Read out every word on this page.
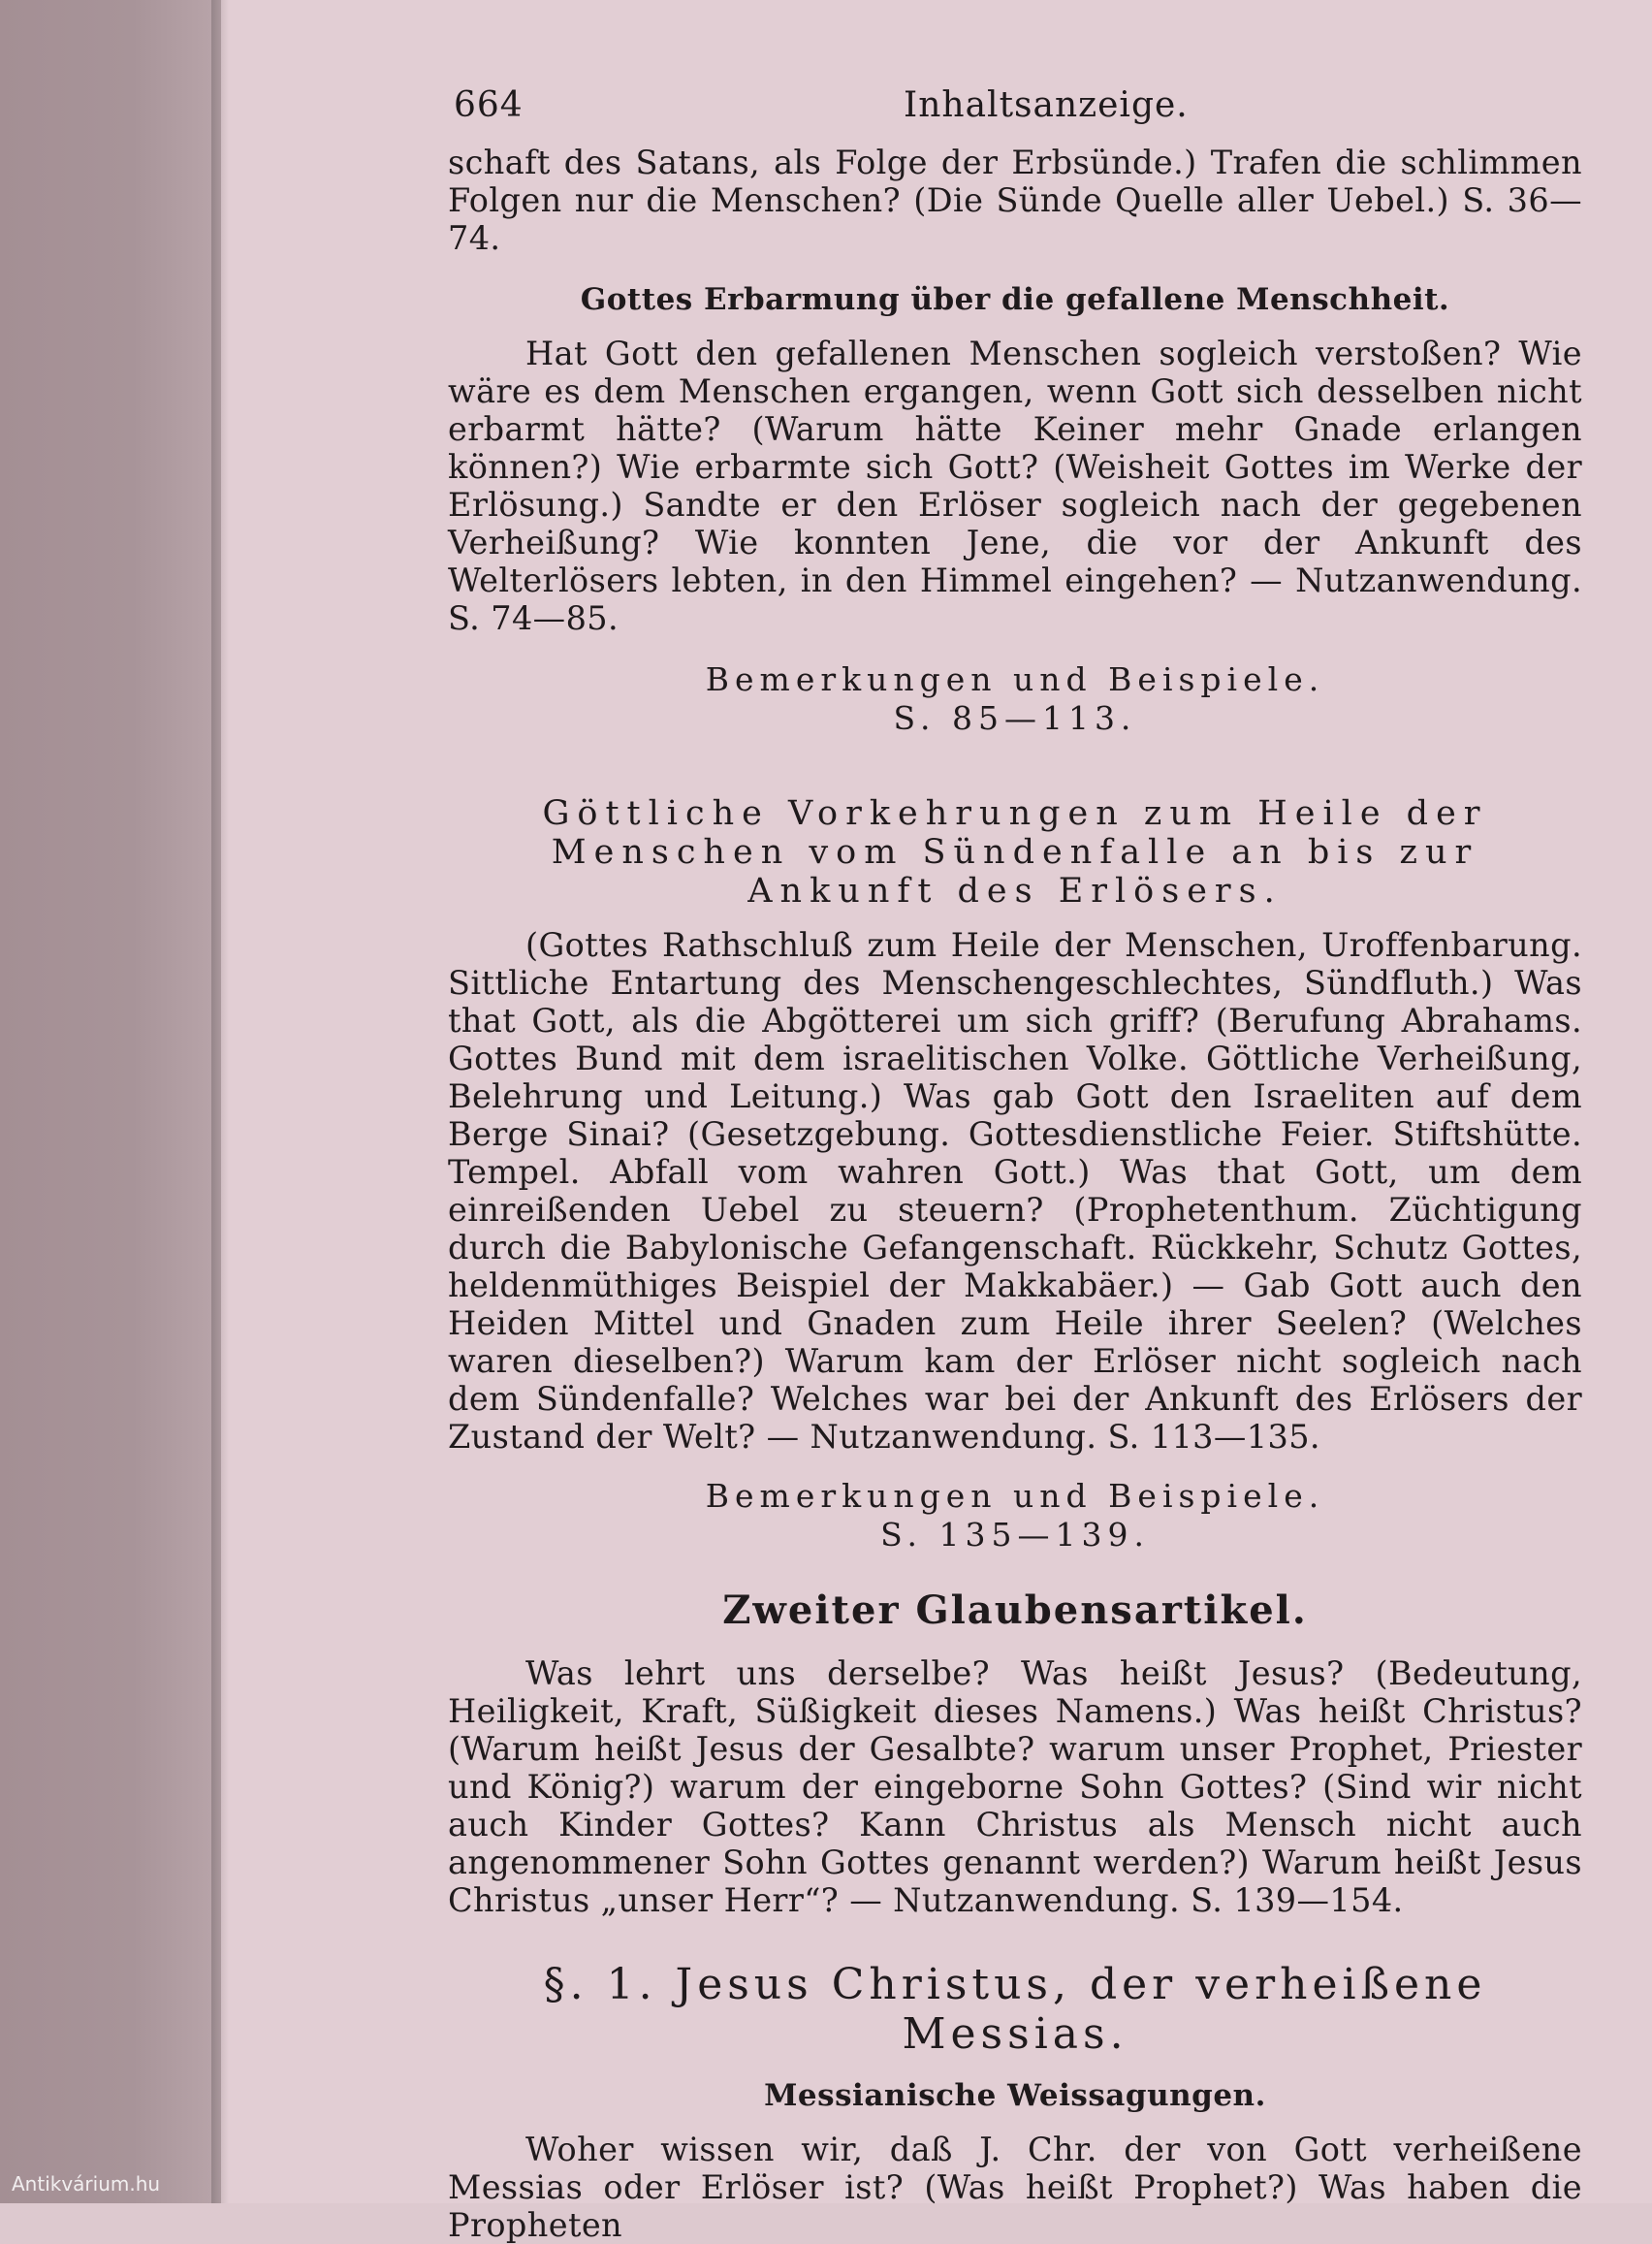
664	Inhaltsanzeige.

schaft des Satans, als Folge der Erbsünde.) Trafen die schlimmen Folgen nur die Menschen? (Die Sünde Quelle aller Uebel.) S. 36—74.

Gottes Erbarmung über die gefallene Menschheit.

Hat Gott den gefallenen Menschen sogleich verstoßen? Wie wäre es dem Menschen ergangen, wenn Gott sich desselben nicht erbarmt hätte? (Warum hätte Keiner mehr Gnade erlangen können?) Wie erbarmte sich Gott? (Weisheit Gottes im Werke der Erlösung.) Sandte er den Erlöser sogleich nach der gegebenen Verheißung? Wie konnten Jene, die vor der Ankunft des Welterlösers lebten, in den Himmel eingehen? — Nutzanwendung. S. 74—85.

Bemerkungen und Beispiele.
S. 85—113.
Göttliche Vorkehrungen zum Heile der Menschen vom Sündenfalle an bis zur Ankunft des Erlösers.

(Gottes Rathschluß zum Heile der Menschen, Uroffenbarung. Sittliche Entartung des Menschengeschlechtes, Sündfluth.) Was that Gott, als die Abgötterei um sich griff? (Berufung Abrahams. Gottes Bund mit dem israelitischen Volke. Göttliche Verheißung, Belehrung und Leitung.) Was gab Gott den Israeliten auf dem Berge Sinai? (Gesetzgebung. Gottesdienstliche Feier. Stiftshütte. Tempel. Abfall vom wahren Gott.) Was that Gott, um dem einreißenden Uebel zu steuern? (Prophetenthum. Züchtigung durch die Babylonische Gefangenschaft. Rückkehr, Schutz Gottes, heldenmüthiges Beispiel der Makkabäer.) — Gab Gott auch den Heiden Mittel und Gnaden zum Heile ihrer Seelen? (Welches waren dieselben?) Warum kam der Erlöser nicht sogleich nach dem Sündenfalle? Welches war bei der Ankunft des Erlösers der Zustand der Welt? — Nutzanwendung. S. 113—135.

Bemerkungen und Beispiele.
S. 135—139.
Zweiter Glaubensartikel.

Was lehrt uns derselbe? Was heißt Jesus? (Bedeutung, Heiligkeit, Kraft, Süßigkeit dieses Namens.) Was heißt Christus? (Warum heißt Jesus der Gesalbte? warum unser Prophet, Priester und König?) warum der eingeborne Sohn Gottes? (Sind wir nicht auch Kinder Gottes? Kann Christus als Mensch nicht auch angenommener Sohn Gottes genannt werden?) Warum heißt Jesus Christus „unser Herr“? — Nutzanwendung. S. 139—154.

§. 1. Jesus Christus, der verheißene Messias.
Messianische Weissagungen.

Woher wissen wir, daß J. Chr. der von Gott verheißene Messias oder Erlöser ist? (Was heißt Prophet?) Was haben die Propheten

Antikvárium.hu
